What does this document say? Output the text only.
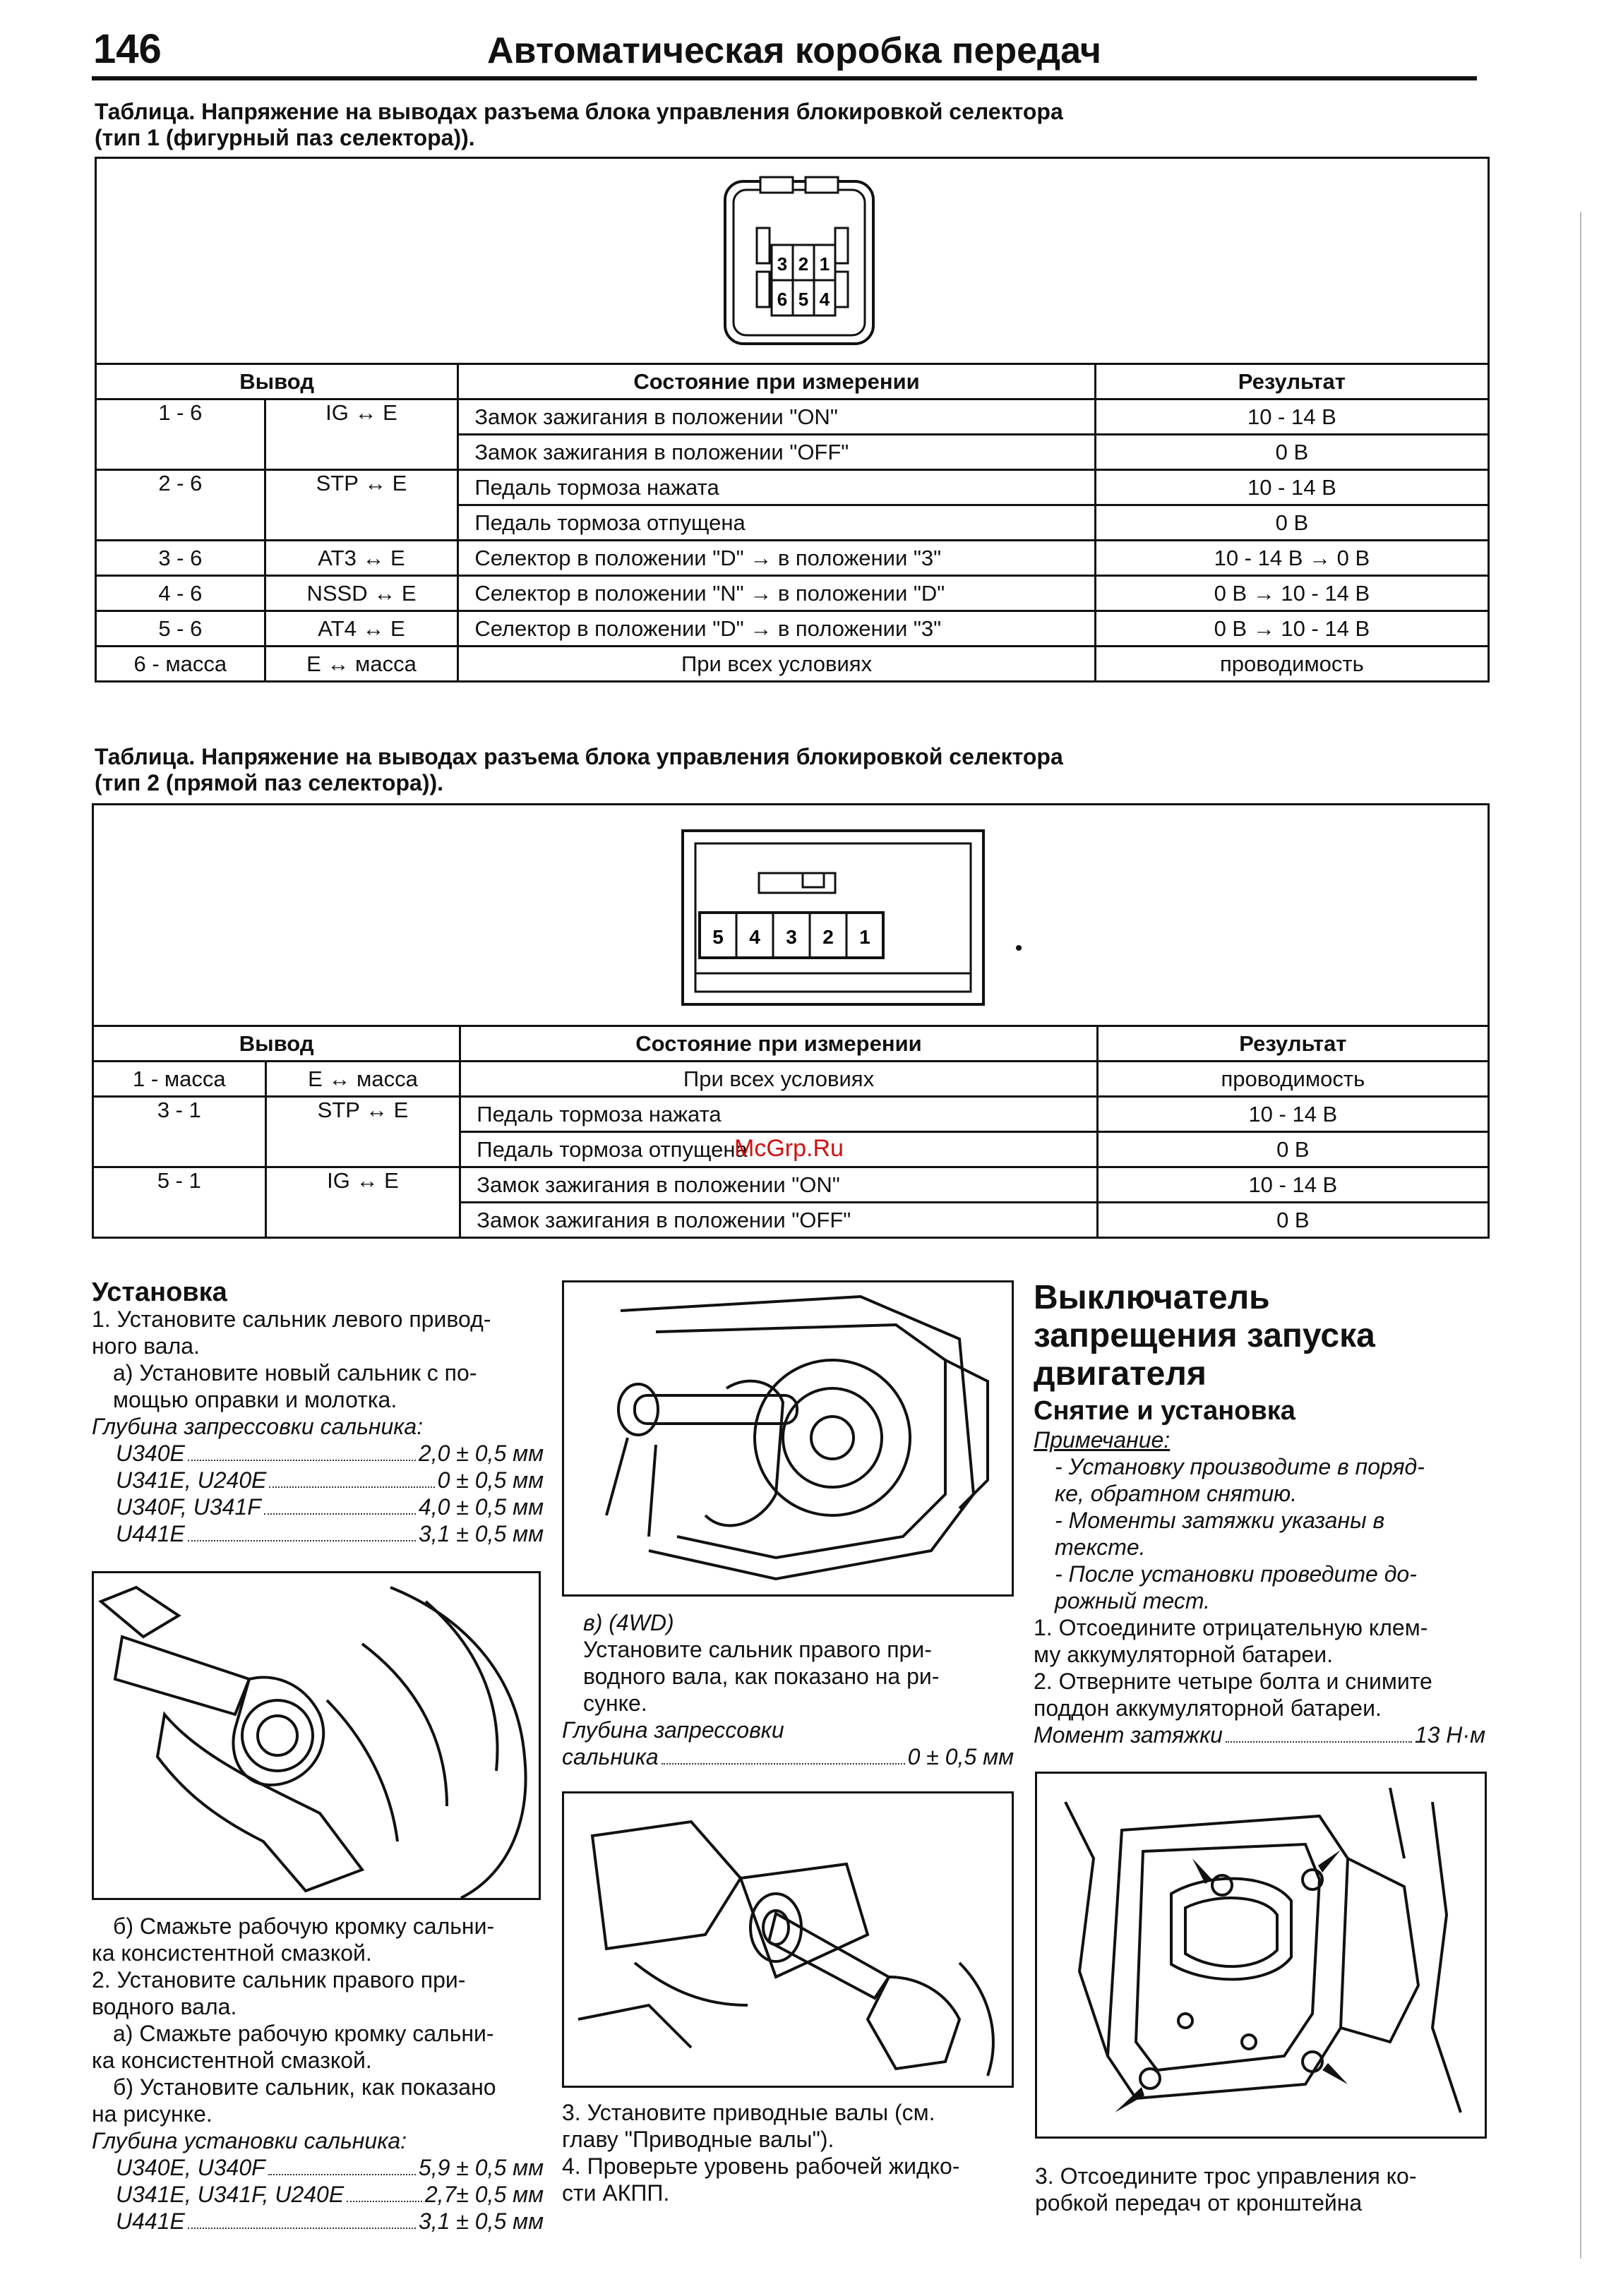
146	Автоматическая коробка передач
Таблица. Напряжение на выводах разъема блока управления блокировкой селектора
(тип 1 (фигурный паз селектора)).
3 2 1
6 5 4
Вывод		Состояние при измерении	Результат
1 - 6	IG ↔ E	Замок зажигания в положении "ON"	10 - 14 В
		Замок зажигания в положении "OFF"	0 В
2 - 6	STP ↔ E	Педаль тормоза нажата	10 - 14 В
		Педаль тормоза отпущена	0 В
3 - 6	AT3 ↔ E	Селектор в положении "D" → в положении "3"	10 - 14 В → 0 В
4 - 6	NSSD ↔ E	Селектор в положении "N" → в положении "D"	0 В → 10 - 14 В
5 - 6	AT4 ↔ E	Селектор в положении "D" → в положении "3"	0 В → 10 - 14 В
6 - масса	E ↔ масса	При всех условиях	проводимость
Таблица. Напряжение на выводах разъема блока управления блокировкой селектора
(тип 2 (прямой паз селектора)).
5 4 3 2 1
Вывод		Состояние при измерении	Результат
1 - масса	E ↔ масса	При всех условиях	проводимость
3 - 1	STP ↔ E	Педаль тормоза нажата	10 - 14 В
		Педаль тормоза отпущена	0 В
5 - 1	IG ↔ E	Замок зажигания в положении "ON"	10 - 14 В
		Замок зажигания в положении "OFF"	0 В
McGrp.Ru
Установка
1. Установите сальник левого привод-
ного вала.
а) Установите новый сальник с по-
мощью оправки и молотка.
Глубина запрессовки сальника:
U340E	2,0 ± 0,5 мм
U341E, U240E	0 ± 0,5 мм
U340F, U341F	4,0 ± 0,5 мм
U441E	3,1 ± 0,5 мм
б) Смажьте рабочую кромку сальни-
ка консистентной смазкой.
2. Установите сальник правого при-
водного вала.
а) Смажьте рабочую кромку сальни-
ка консистентной смазкой.
б) Установите сальник, как показано
на рисунке.
Глубина установки сальника:
U340E, U340F	5,9 ± 0,5 мм
U341E, U341F, U240E	2,7± 0,5 мм
U441E	3,1 ± 0,5 мм
в) (4WD)
Установите сальник правого при-
водного вала, как показано на ри-
сунке.
Глубина запрессовки
сальника	0 ± 0,5 мм
3. Установите приводные валы (см.
главу "Приводные валы").
4. Проверьте уровень рабочей жидко-
сти АКПП.
Выключатель
запрещения запуска
двигателя
Снятие и установка
Примечание:
- Установку производите в поряд-
ке, обратном снятию.
- Моменты затяжки указаны в
тексте.
- После установки проведите до-
рожный тест.
1. Отсоедините отрицательную клем-
му аккумуляторной батареи.
2. Отверните четыре болта и снимите
поддон аккумуляторной батареи.
Момент затяжки	13 Н·м
3. Отсоедините трос управления ко-
робкой передач от кронштейна
